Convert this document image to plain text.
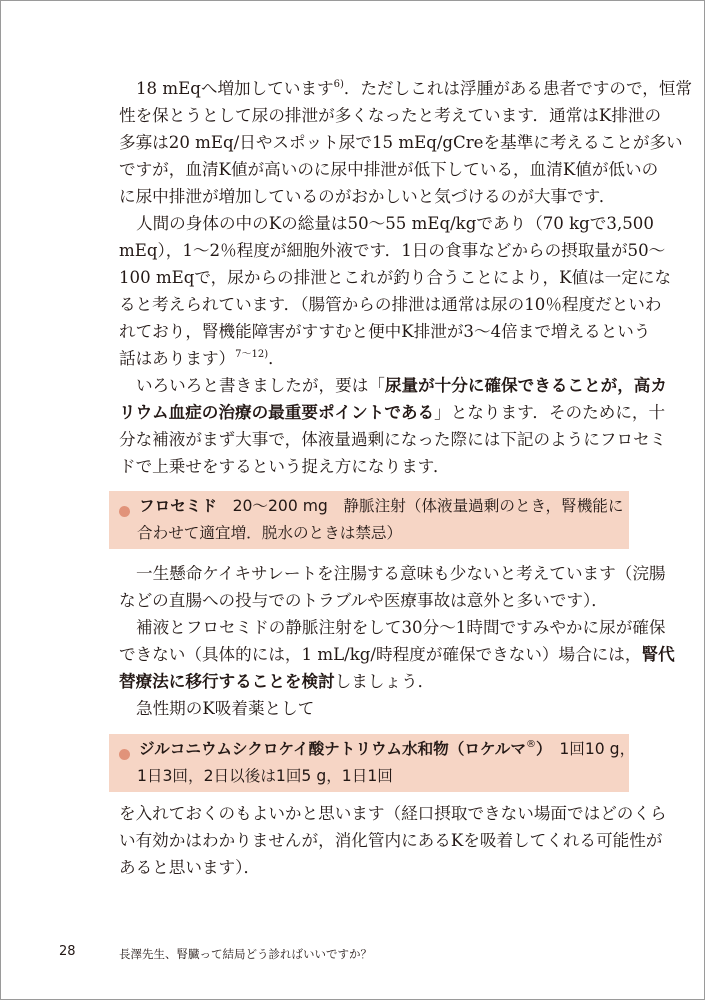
28	長澤先生、腎臓って結局どう診ればいいですか？
18 mEqへ増加しています$^{6)}$．ただしこれは浮腫がある患者ですので，恒常
性を保とうとして尿の排泄が多くなったと考えています．通常はK排泄の
多寡は20 mEq/日やスポット尿で15 mEq/gCreを基準に考えることが多い
ですが，血清K値が高いのに尿中排泄が低下している，血清K値が低いの
に尿中排泄が増加しているのがおかしいと気づけるのが大事です．
人間の身体の中のKの総量は50～55 mEq/kgであり（70 kgで3,500
mEq），1～2％程度が細胞外液です．1日の食事などからの摂取量が50～
100 mEqで，尿からの排泄とこれが釣り合うことにより，K値は一定にな
ると考えられています．（腸管からの排泄は通常は尿の10％程度だといわ
れており，腎機能障害がすすむと便中K排泄が3～4倍まで増えるという
話はあります）$^{7\sim 12)}$．
いろいろと書きましたが，要は「尿量が十分に確保できることが，高カ
リウム血症の治療の最重要ポイントである」となります．そのために，十
分な補液がまず大事で，体液量過剰になった際には下記のようにフロセミ
ドで上乗せをするという捉え方になります．
フロセミド　20～200 mg　静脈注射（体液量過剰のとき，腎機能に
合わせて適宜増．脱水のときは禁忌）
一生懸命ケイキサレートを注腸する意味も少ないと考えています（浣腸
などの直腸への投与でのトラブルや医療事故は意外と多いです）．
補液とフロセミドの静脈注射をして30分～1時間ですみやかに尿が確保
できない（具体的には，1 mL/kg/時程度が確保できない）場合には，腎代
替療法に移行することを検討しましょう．
急性期のK吸着薬として
ジルコニウムシクロケイ酸ナトリウム水和物（ロケルマ®）　1回10 g，
1日3回，2日以後は1回5 g，1日1回
を入れておくのもよいかと思います（経口摂取できない場面ではどのくら
い有効かはわかりませんが，消化管内にあるKを吸着してくれる可能性が
あると思います）．
